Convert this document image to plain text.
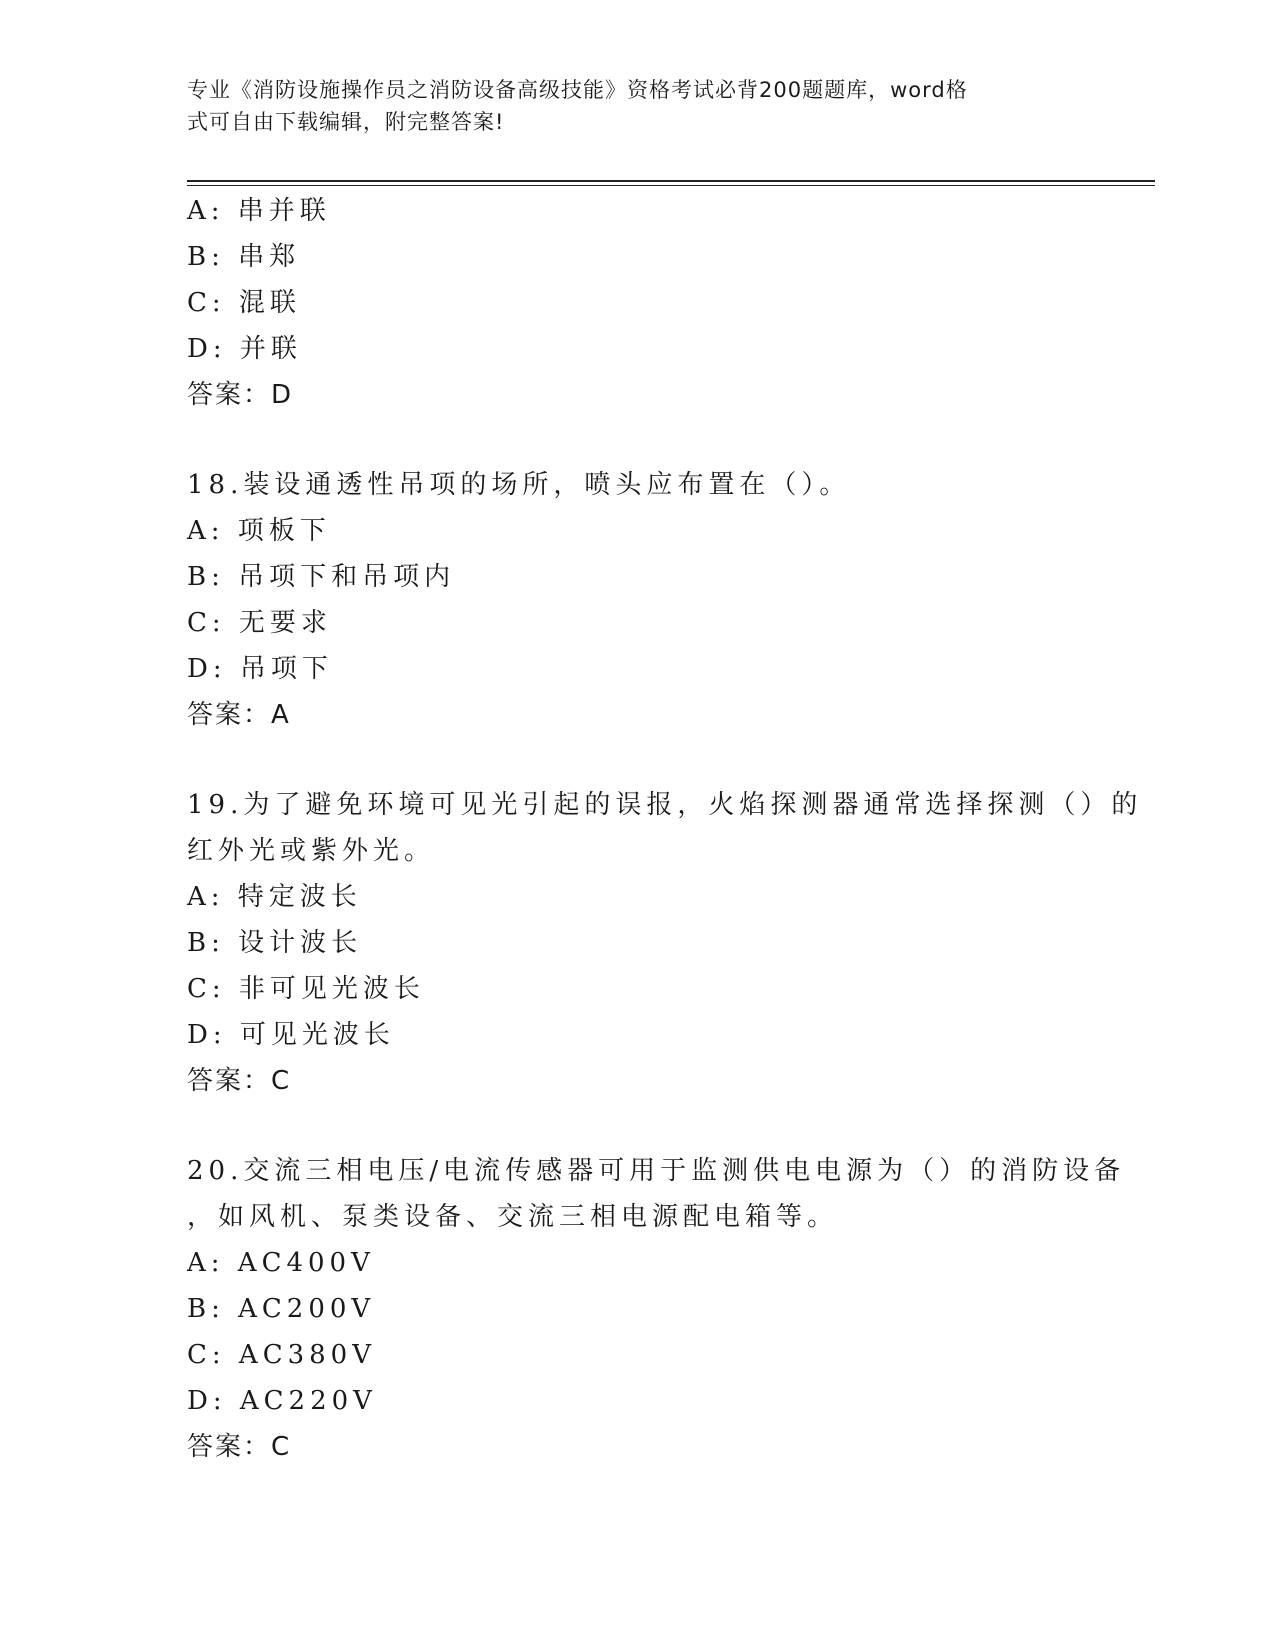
专业《消防设施操作员之消防设备高级技能》资格考试必背200题题库，word格
式可自由下载编辑，附完整答案!
A: 串并联
B: 串郑
C: 混联
D: 并联
答案：D
18.装设通透性吊项的场所，喷头应布置在（）。
A: 项板下
B: 吊项下和吊项内
C: 无要求
D: 吊项下
答案：A
19.为了避免环境可见光引起的误报，火焰探测器通常选择探测（）的
红外光或紫外光。
A: 特定波长
B: 设计波长
C: 非可见光波长
D: 可见光波长
答案：C
20.交流三相电压/电流传感器可用于监测供电电源为（）的消防设备
，如风机、泵类设备、交流三相电源配电箱等。
A: AC400V
B: AC200V
C: AC380V
D: AC220V
答案：C
